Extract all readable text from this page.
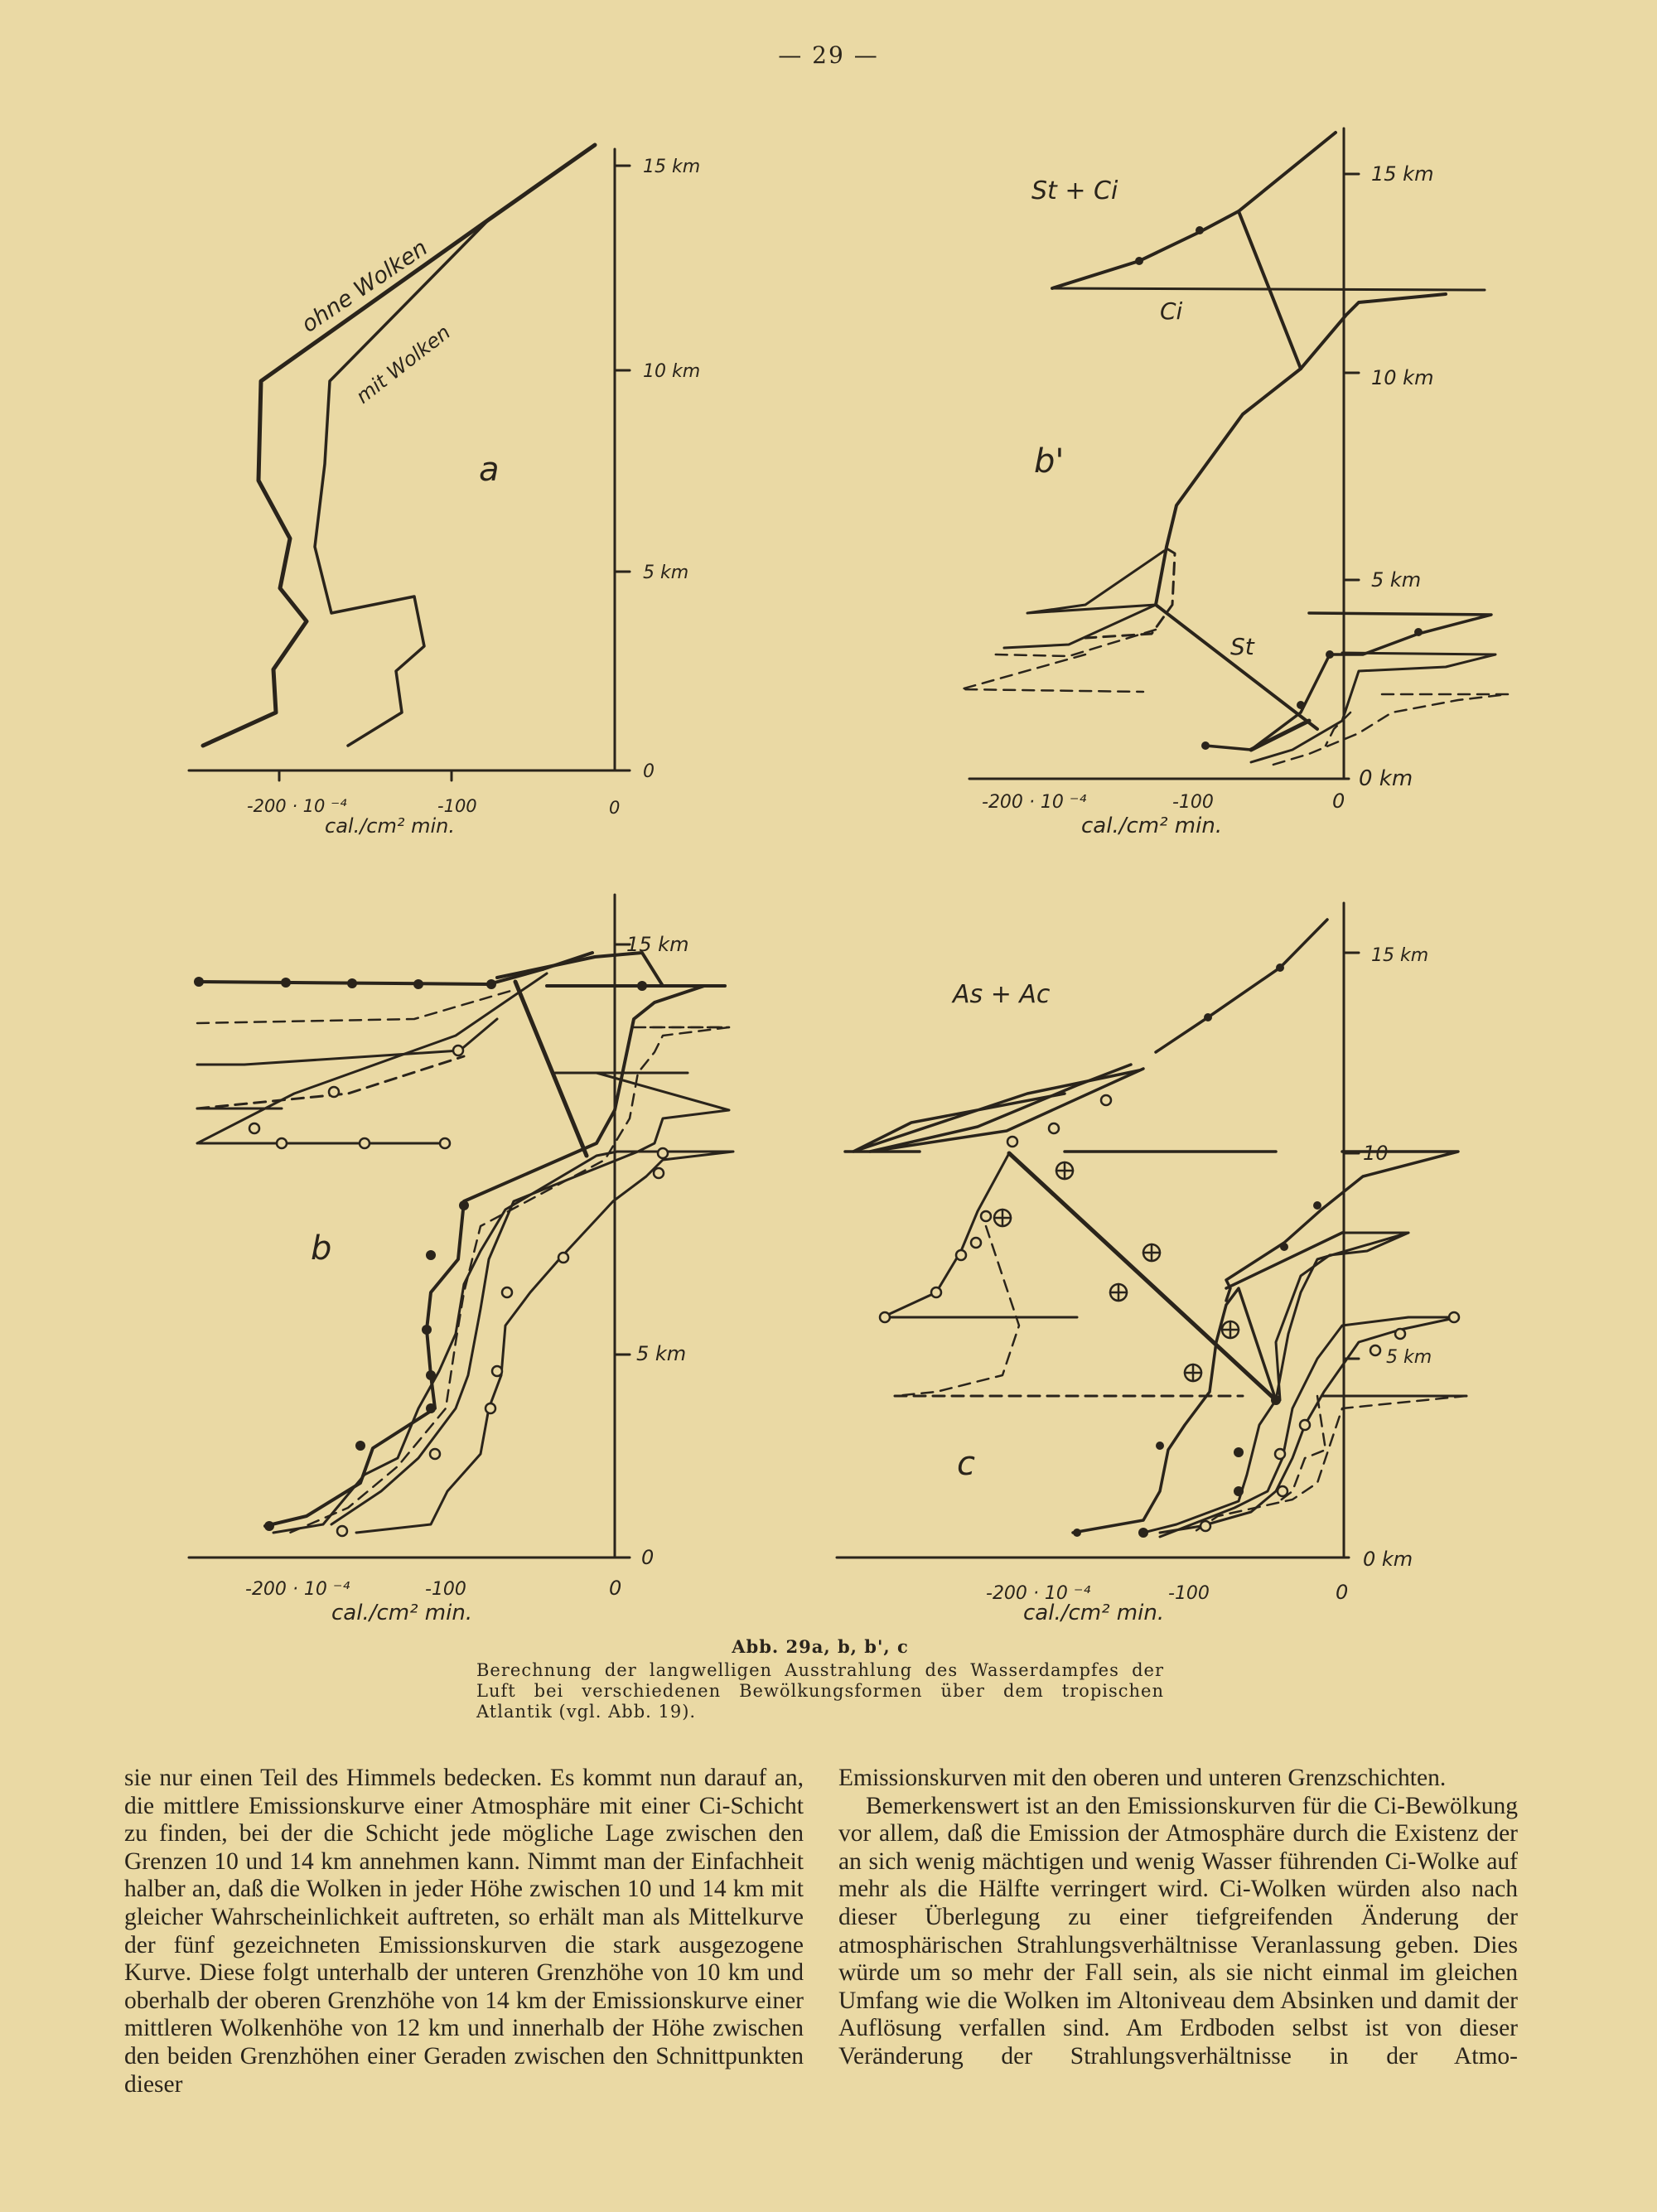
— 29 —
15 km
10 km
5 km
0
-200 · 10 ⁻⁴	-100	0
cal./cm² min.
ohne Wolken
mit Wolken
a
15 km
10 km
5 km
0 km
-200 · 10 ⁻⁴	-100	0
cal./cm² min.
St + Ci
Ci
St
b'
15 km
5 km
0
-200 · 10 ⁻⁴	-100	0
cal./cm² min.
b
15 km
10
5 km
0 km
-200 · 10 ⁻⁴	-100	0
cal./cm² min.
As + Ac
c
Abb. 29a, b, b', c
Berechnung der langwelligen Ausstrahlung des Wasserdampfes der Luft bei verschiedenen Bewölkungsformen über dem tropischen Atlantik (vgl. Abb. 19).

sie nur einen Teil des Himmels bedecken. Es kommt nun darauf an, die mittlere Emissionskurve einer Atmosphäre mit einer Ci-Schicht zu finden, bei der die Schicht jede mögliche Lage zwischen den Grenzen 10 und 14 km annehmen kann. Nimmt man der Einfachheit halber an, daß die Wolken in jeder Höhe zwischen 10 und 14 km mit gleicher Wahrscheinlichkeit auftreten, so erhält man als Mittelkurve der fünf gezeichneten Emissionskurven die stark ausgezogene Kurve. Diese folgt unterhalb der unteren Grenzhöhe von 10 km und oberhalb der oberen Grenzhöhe von 14 km der Emissionskurve einer mittleren Wolkenhöhe von 12 km und innerhalb der Höhe zwischen den beiden Grenzhöhen einer Geraden zwischen den Schnittpunkten dieser

Emissionskurven mit den oberen und unteren Grenzschichten.

Bemerkenswert ist an den Emissionskurven für die Ci-Bewölkung vor allem, daß die Emission der Atmosphäre durch die Existenz der an sich wenig mächtigen und wenig Wasser führenden Ci-Wolke auf mehr als die Hälfte verringert wird. Ci-Wolken würden also nach dieser Überlegung zu einer tiefgreifenden Änderung der atmosphärischen Strahlungsverhältnisse Veranlassung geben. Dies würde um so mehr der Fall sein, als sie nicht einmal im gleichen Umfang wie die Wolken im Altoniveau dem Absinken und damit der Auflösung verfallen sind. Am Erdboden selbst ist von dieser Veränderung der Strahlungsverhältnisse in der Atmo-
